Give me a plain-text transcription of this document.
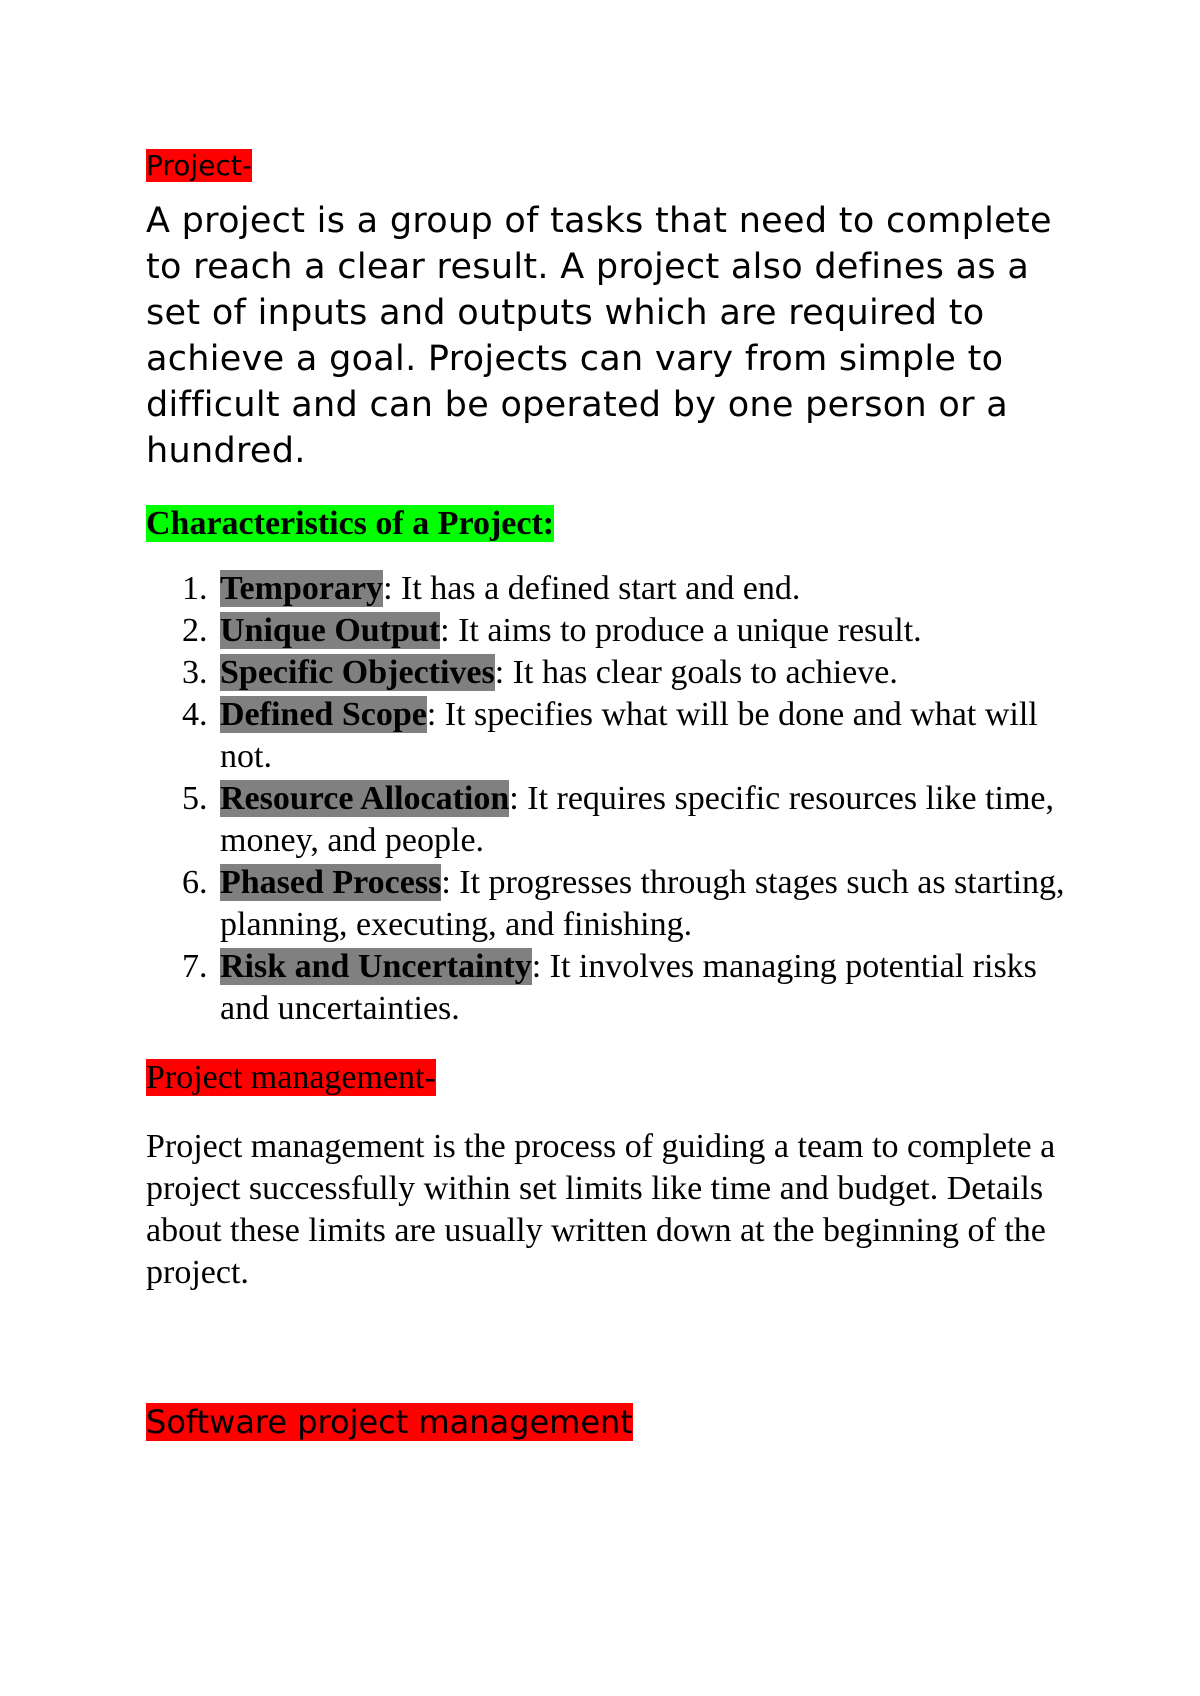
Project-

A project is a group of tasks that need to complete to reach a clear result. A project also defines as a set of inputs and outputs which are required to achieve a goal. Projects can vary from simple to difficult and can be operated by one person or a hundred.

Characteristics of a Project:
1. Temporary: It has a defined start and end.
2. Unique Output: It aims to produce a unique result.
3. Specific Objectives: It has clear goals to achieve.
4. Defined Scope: It specifies what will be done and what will not.
5. Resource Allocation: It requires specific resources like time, money, and people.
6. Phased Process: It progresses through stages such as starting, planning, executing, and finishing.
7. Risk and Uncertainty: It involves managing potential risks and uncertainties.
Project management-

Project management is the process of guiding a team to complete a project successfully within set limits like time and budget. Details about these limits are usually written down at the beginning of the project.

Software project management
